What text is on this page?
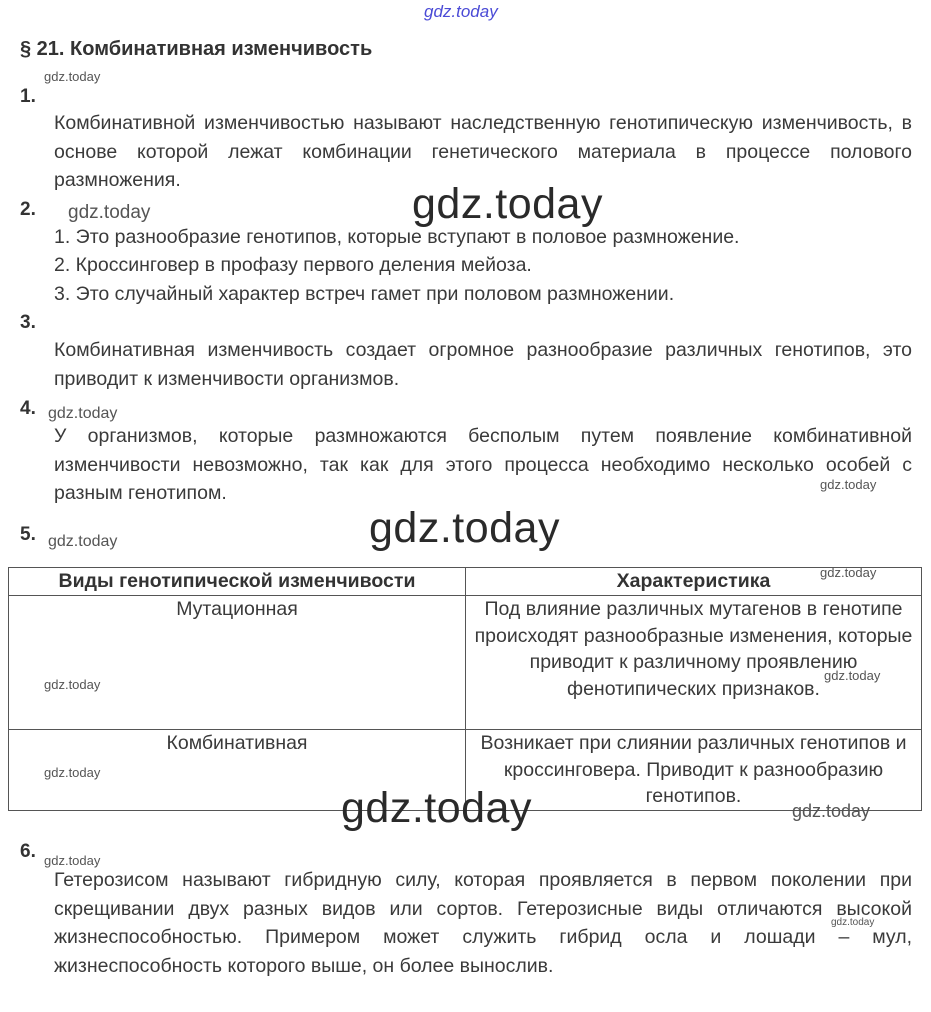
gdz.today
§ 21. Комбинативная изменчивость
gdz.today
1.
Комбинативной изменчивостью называют наследственную генотипическую изменчивость, в основе которой лежат комбинации генетического материала в процессе полового размножения.
2. gdz.today	gdz.today
1. Это разнообразие генотипов, которые вступают в половое размножение.
2. Кроссинговер в профазу первого деления мейоза.
3. Это случайный характер встреч гамет при половом размножении.
3.
Комбинативная изменчивость создает огромное разнообразие различных генотипов, это приводит к изменчивости организмов.
4. gdz.today
У организмов, которые размножаются бесполым путем появление комбинативной изменчивости невозможно, так как для этого процесса необходимо несколько особей с разным генотипом.	gdz.today
5. gdz.today	gdz.today
Виды генотипической изменчивости	Характеристика
Мутационная	Под влияние различных мутагенов в генотипе происходят разнообразные изменения, которые приводит к различному проявлению фенотипических признаков.
Комбинативная	Возникает при слиянии различных генотипов и кроссинговера. Приводит к разнообразию генотипов.
gdz.today
gdz.today
gdz.today
gdz.today
gdz.today	gdz.today
6. gdz.today
Гетерозисом называют гибридную силу, которая проявляется в первом поколении при скрещивании двух разных видов или сортов. Гетерозисные виды отличаются высокой жизнеспособностью. Примером может служить гибрид осла и лошади – мул, жизнеспособность которого выше, он более вынослив.
gdz.today
